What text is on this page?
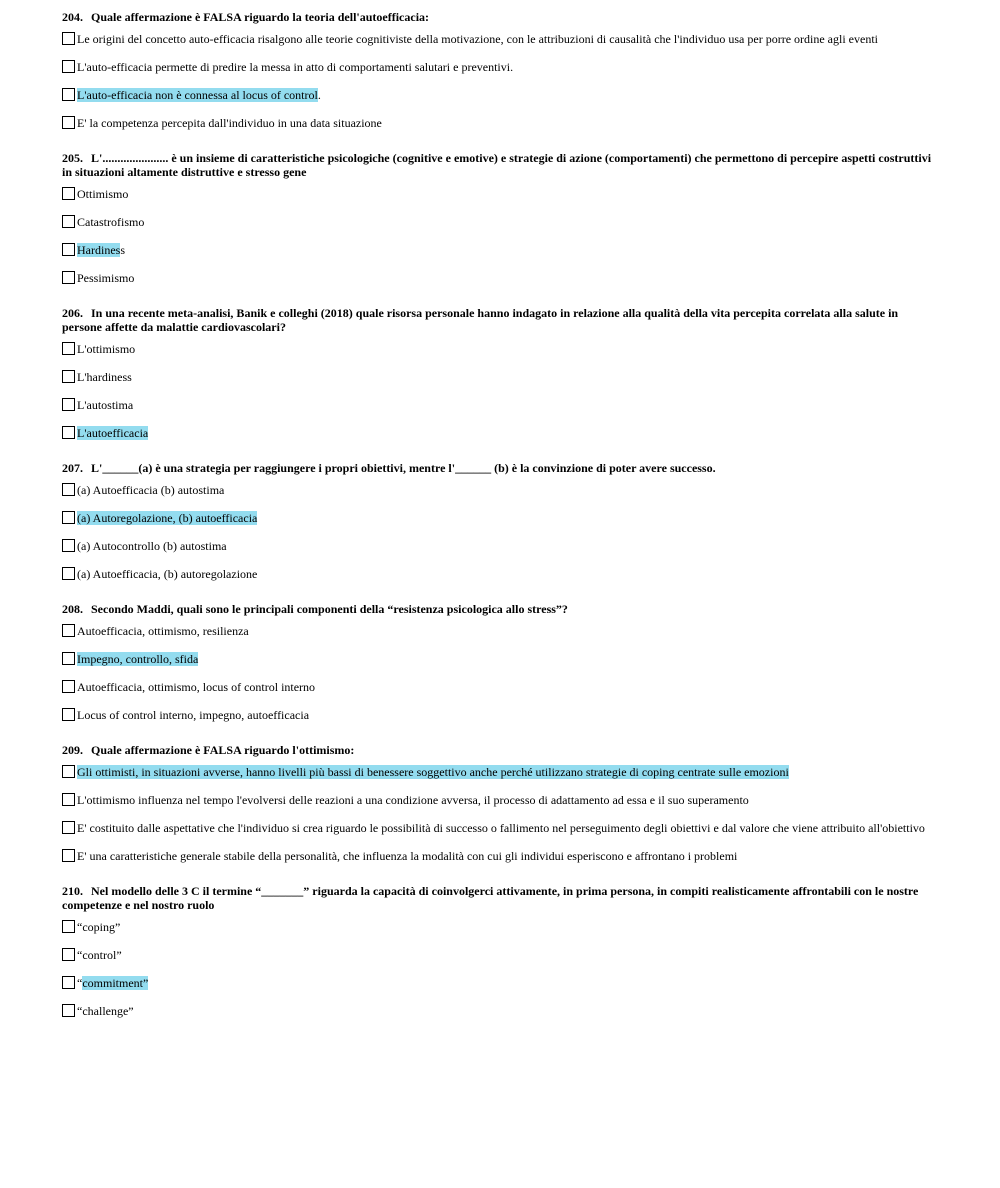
204. Quale affermazione è FALSA riguardo la teoria dell'autoefficacia:
Le origini del concetto auto-efficacia risalgono alle teorie cognitiviste della motivazione, con le attribuzioni di causalità che l'individuo usa per porre ordine agli eventi
L'auto-efficacia permette di predire la messa in atto di comportamenti salutari e preventivi.
L'auto-efficacia non è connessa al locus of control.
E' la competenza percepita dall'individuo in una data situazione
205. L'...................... è un insieme di caratteristiche psicologiche (cognitive e emotive) e strategie di azione (comportamenti) che permettono di percepire aspetti costruttivi in situazioni altamente distruttive e stresso gene
Ottimismo
Catastrofismo
Hardiness
Pessimismo
206. In una recente meta-analisi, Banik e colleghi (2018) quale risorsa personale hanno indagato in relazione alla qualità della vita percepita correlata alla salute in persone affette da malattie cardiovascolari?
L'ottimismo
L'hardiness
L'autostima
L'autoefficacia
207. L'______(a) è una strategia per raggiungere i propri obiettivi, mentre l'______ (b) è la convinzione di poter avere successo.
(a) Autoefficacia (b) autostima
(a) Autoregolazione, (b) autoefficacia
(a) Autocontrollo (b) autostima
(a) Autoefficacia, (b) autoregolazione
208. Secondo Maddi, quali sono le principali componenti della “resistenza psicologica allo stress”?
Autoefficacia, ottimismo, resilienza
Impegno, controllo, sfida
Autoefficacia, ottimismo, locus of control interno
Locus of control interno, impegno, autoefficacia
209. Quale affermazione è FALSA riguardo l'ottimismo:
Gli ottimisti, in situazioni avverse, hanno livelli più bassi di benessere soggettivo anche perché utilizzano strategie di coping centrate sulle emozioni
L'ottimismo influenza nel tempo l'evolversi delle reazioni a una condizione avversa, il processo di adattamento ad essa e il suo superamento
E' costituito dalle aspettative che l'individuo si crea riguardo le possibilità di successo o fallimento nel perseguimento degli obiettivi e dal valore che viene attribuito all'obiettivo
E' una caratteristiche generale stabile della personalità, che influenza la modalità con cui gli individui esperiscono e affrontano i problemi
210. Nel modello delle 3 C il termine “_______” riguarda la capacità di coinvolgerci attivamente, in prima persona, in compiti realisticamente affrontabili con le nostre competenze e nel nostro ruolo
“coping”
“control”
“commitment”
“challenge”
